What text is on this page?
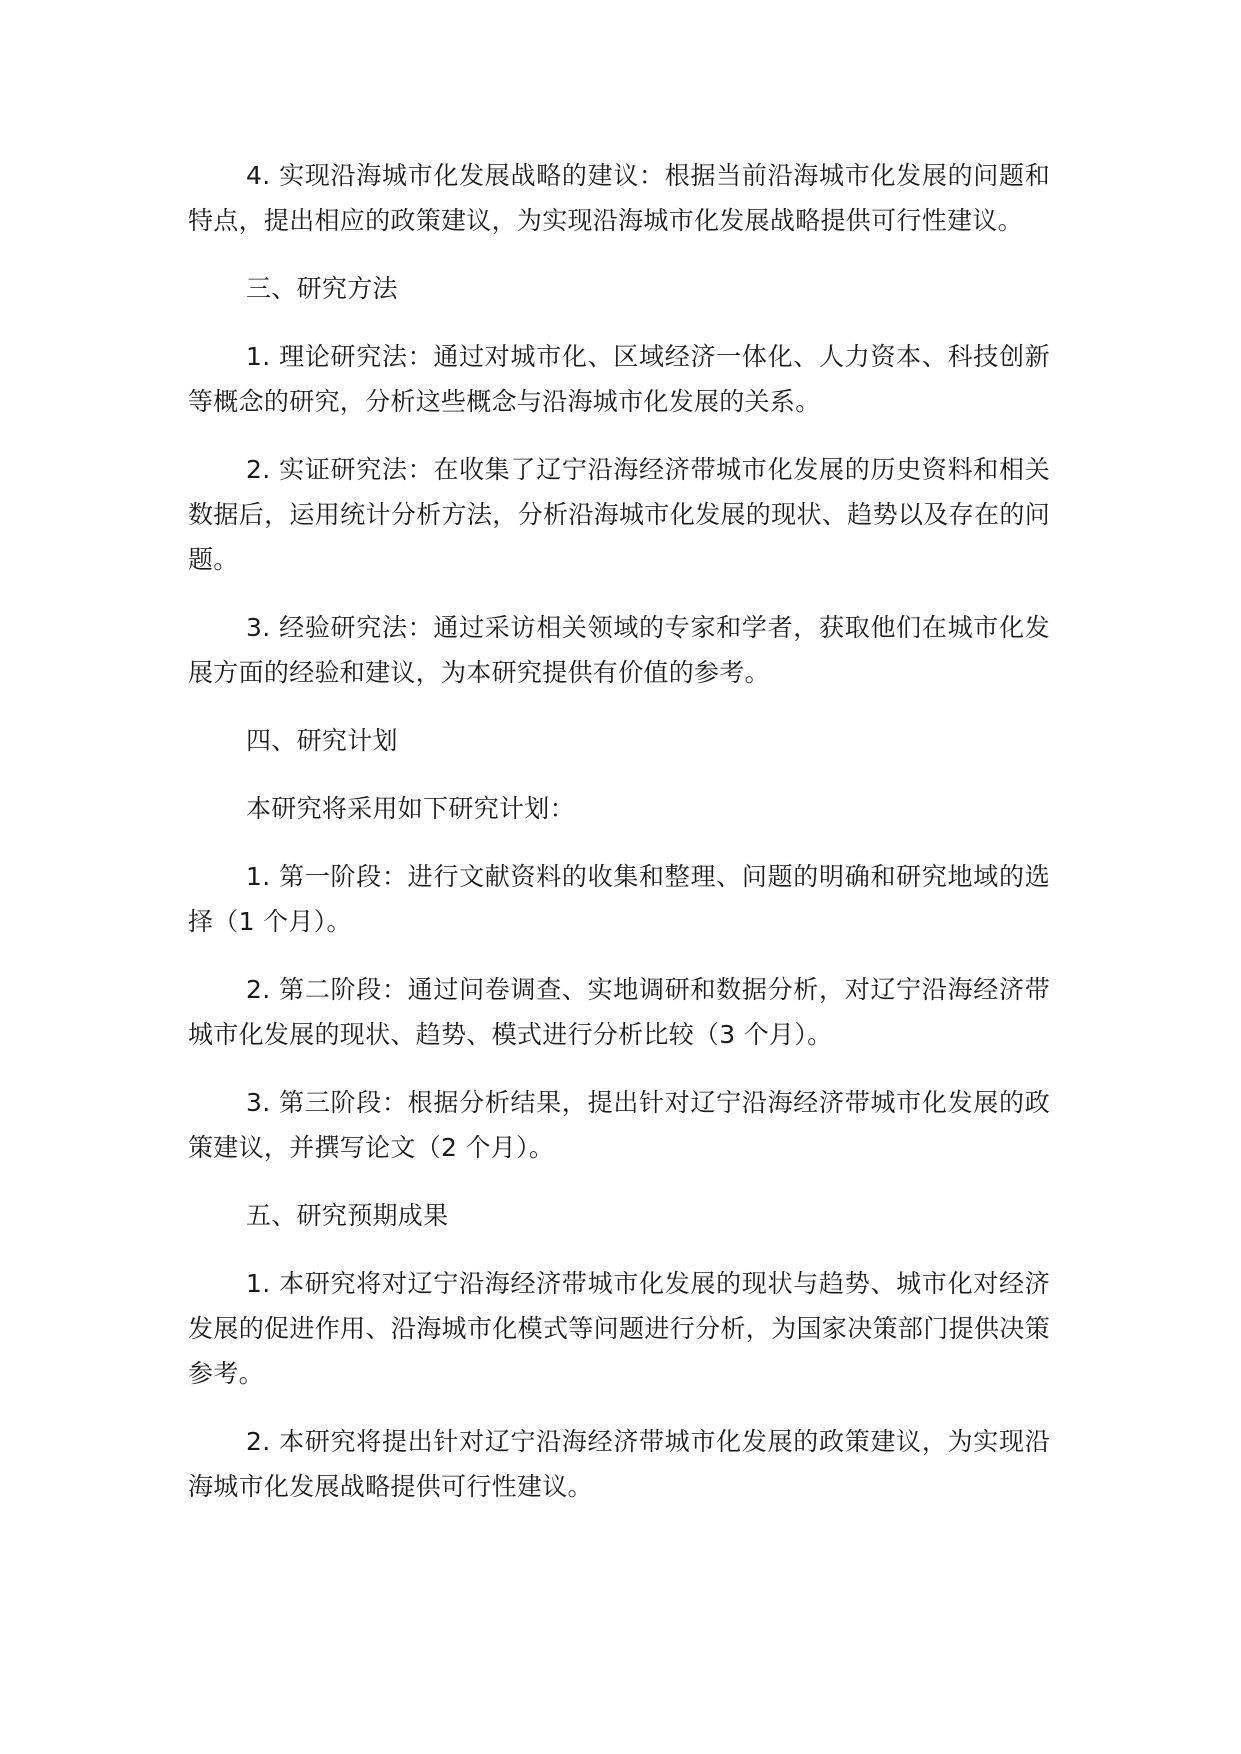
4. 实现沿海城市化发展战略的建议：根据当前沿海城市化发展的问题和特点，提出相应的政策建议，为实现沿海城市化发展战略提供可行性建议。

三、研究方法

1. 理论研究法：通过对城市化、区域经济一体化、人力资本、科技创新等概念的研究，分析这些概念与沿海城市化发展的关系。

2. 实证研究法：在收集了辽宁沿海经济带城市化发展的历史资料和相关数据后，运用统计分析方法，分析沿海城市化发展的现状、趋势以及存在的问题。

3. 经验研究法：通过采访相关领域的专家和学者，获取他们在城市化发展方面的经验和建议，为本研究提供有价值的参考。

四、研究计划

本研究将采用如下研究计划：

1. 第一阶段：进行文献资料的收集和整理、问题的明确和研究地域的选择（1 个月）。

2. 第二阶段：通过问卷调查、实地调研和数据分析，对辽宁沿海经济带城市化发展的现状、趋势、模式进行分析比较（3 个月）。

3. 第三阶段：根据分析结果，提出针对辽宁沿海经济带城市化发展的政策建议，并撰写论文（2 个月）。

五、研究预期成果

1. 本研究将对辽宁沿海经济带城市化发展的现状与趋势、城市化对经济发展的促进作用、沿海城市化模式等问题进行分析，为国家决策部门提供决策参考。

2. 本研究将提出针对辽宁沿海经济带城市化发展的政策建议，为实现沿海城市化发展战略提供可行性建议。
